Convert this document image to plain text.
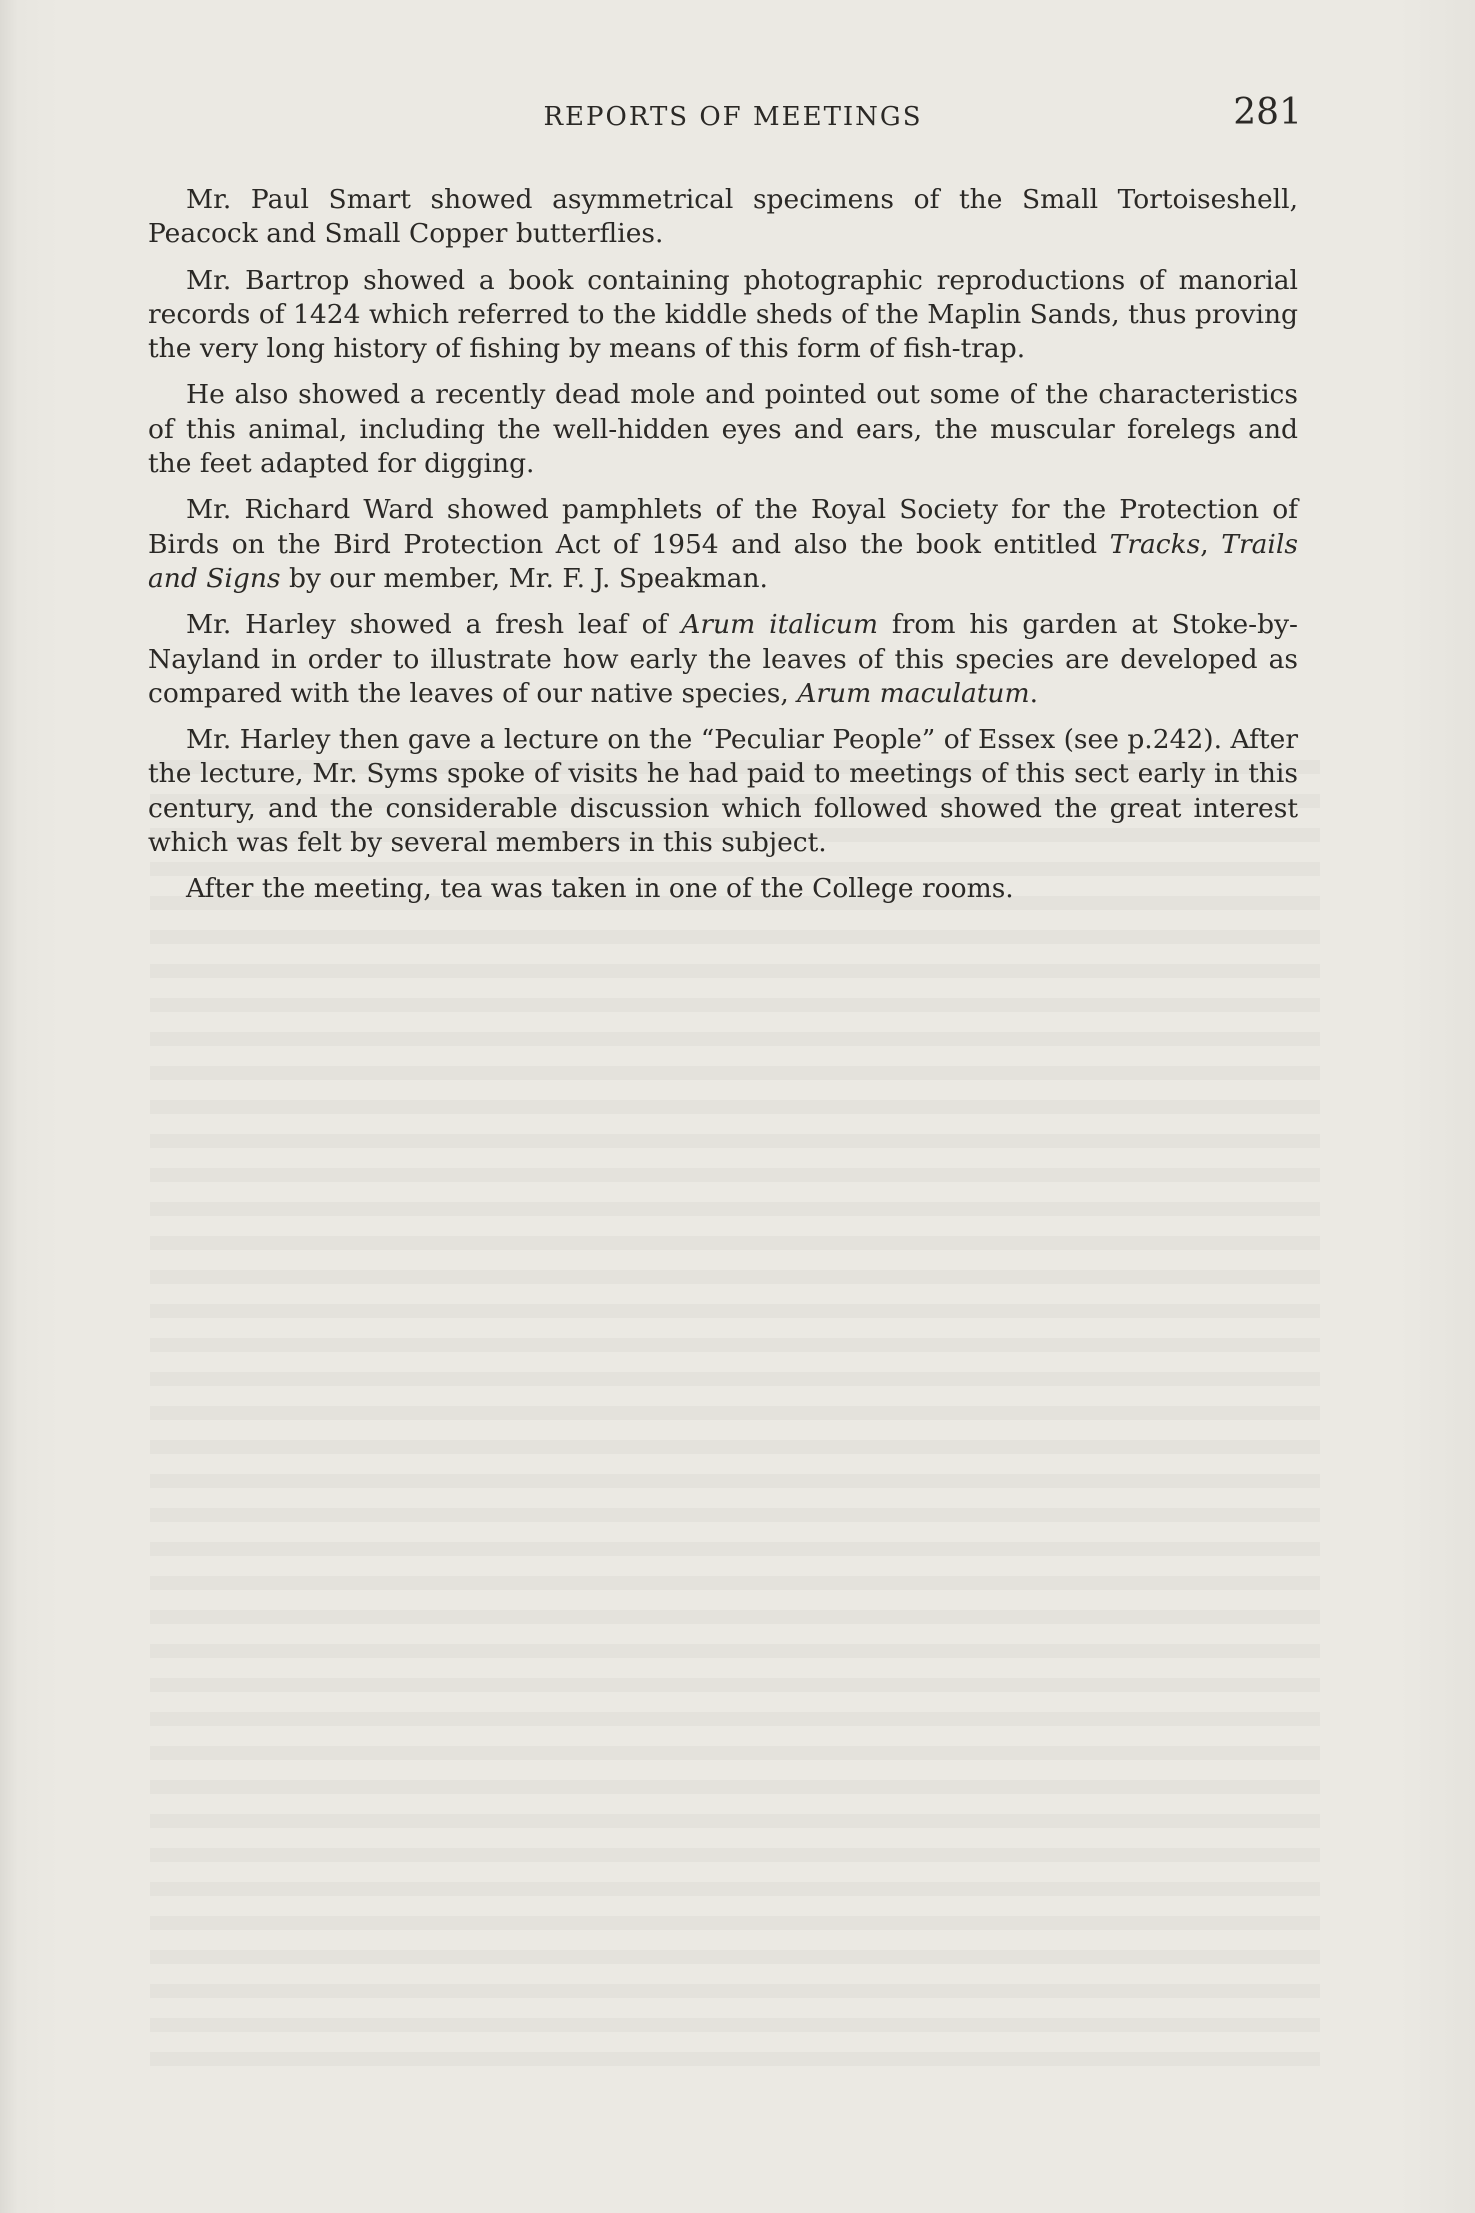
REPORTS OF MEETINGS	281

Mr. Paul Smart showed asymmetrical specimens of the Small Tortoiseshell, Peacock and Small Copper butterflies.

Mr. Bartrop showed a book containing photographic reproductions of manorial records of 1424 which referred to the kiddle sheds of the Maplin Sands, thus proving the very long history of fishing by means of this form of fish-trap.

He also showed a recently dead mole and pointed out some of the characteristics of this animal, including the well-hidden eyes and ears, the muscular forelegs and the feet adapted for digging.

Mr. Richard Ward showed pamphlets of the Royal Society for the Protection of Birds on the Bird Protection Act of 1954 and also the book entitled Tracks, Trails and Signs by our member, Mr. F. J. Speakman.

Mr. Harley showed a fresh leaf of Arum italicum from his garden at Stoke-by-Nayland in order to illustrate how early the leaves of this species are developed as compared with the leaves of our native species, Arum maculatum.

Mr. Harley then gave a lecture on the “Peculiar People” of Essex (see p.242). After the lecture, Mr. Syms spoke of visits he had paid to meetings of this sect early in this century, and the considerable discussion which followed showed the great interest which was felt by several members in this subject.

After the meeting, tea was taken in one of the College rooms.
